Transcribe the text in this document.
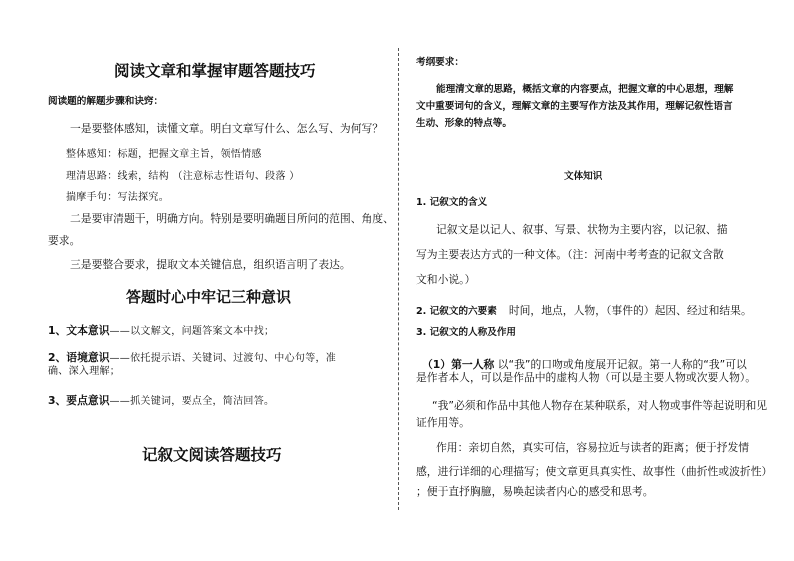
阅读文章和掌握审题答题技巧
阅读题的解题步骤和诀窍：
一是要整体感知，读懂文章。明白文章写什么、怎么写、为何写？
整体感知：标题，把握文章主旨，领悟情感
理清思路：线索，结构 （注意标志性语句、段落 ）
揣摩手句：写法探究。
二是要审清题干，明确方向。特别是要明确题目所问的范围、角度、
要求。
三是要整合要求，提取文本关键信息，组织语言明了表达。
答题时心中牢记三种意识
1、文本意识——以文解文，问题答案文本中找；
2、语境意识——依托提示语、关键词、过渡句、中心句等，准
确、深入理解；
3、要点意识——抓关键词，要点全，简洁回答。
记叙文阅读答题技巧
考纲要求：
能理清文章的思路，概括文章的内容要点，把握文章的中心思想，理解
文中重要词句的含义，理解文章的主要写作方法及其作用，理解记叙性语言
生动、形象的特点等。
文体知识
1. 记叙文的含义
记叙文是以记人、叙事、写景、状物为主要内容，以记叙、描
写为主要表达方式的一种文体。（注：河南中考考查的记叙文含散
文和小说。）
2. 记叙文的六要素 时间，地点，人物，（事件的）起因、经过和结果。
3. 记叙文的人称及作用
（1）第一人称 以“我”的口吻或角度展开记叙。第一人称的“我”可以
是作者本人，可以是作品中的虚构人物（可以是主要人物或次要人物）。
“我”必须和作品中其他人物存在某种联系，对人物或事件等起说明和见
证作用等。
作用：亲切自然，真实可信，容易拉近与读者的距离；便于抒发情
感，进行详细的心理描写；使文章更具真实性、故事性（曲折性或波折性）
；便于直抒胸臆，易唤起读者内心的感受和思考。
